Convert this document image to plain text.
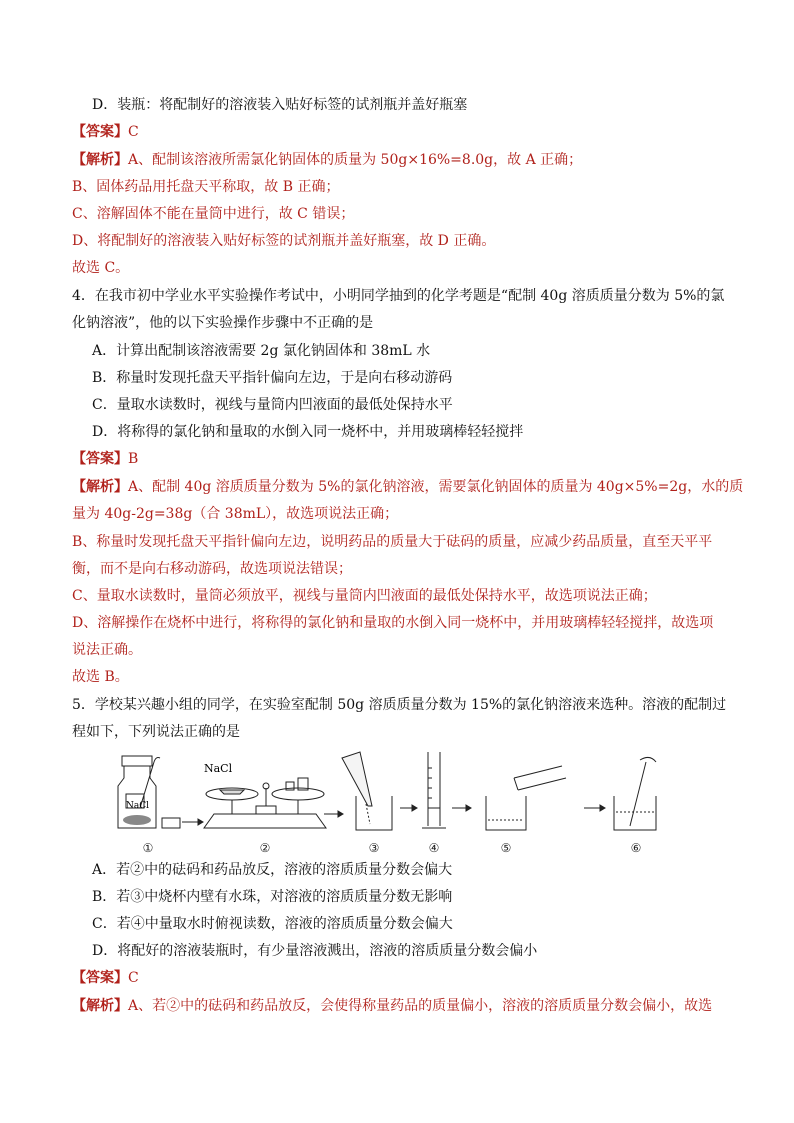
D．装瓶：将配制好的溶液装入贴好标签的试剂瓶并盖好瓶塞
【答案】C
【解析】A、配制该溶液所需氯化钠固体的质量为 50g×16%=8.0g，故 A 正确；
B、固体药品用托盘天平称取，故 B 正确；
C、溶解固体不能在量筒中进行，故 C 错误；
D、将配制好的溶液装入贴好标签的试剂瓶并盖好瓶塞，故 D 正确。
故选 C。
4．在我市初中学业水平实验操作考试中，小明同学抽到的化学考题是“配制 40g 溶质质量分数为 5%的氯
化钠溶液”，他的以下实验操作步骤中不正确的是
A．计算出配制该溶液需要 2g 氯化钠固体和 38mL 水
B．称量时发现托盘天平指针偏向左边，于是向右移动游码
C．量取水读数时，视线与量筒内凹液面的最低处保持水平
D．将称得的氯化钠和量取的水倒入同一烧杯中，并用玻璃棒轻轻搅拌
【答案】B
【解析】A、配制 40g 溶质质量分数为 5%的氯化钠溶液，需要氯化钠固体的质量为 40g×5%=2g，水的质
量为 40g-2g=38g（合 38mL），故选项说法正确；
B、称量时发现托盘天平指针偏向左边，说明药品的质量大于砝码的质量，应减少药品质量，直至天平平
衡，而不是向右移动游码，故选项说法错误；
C、量取水读数时，量筒必须放平，视线与量筒内凹液面的最低处保持水平，故选项说法正确；
D、溶解操作在烧杯中进行，将称得的氯化钠和量取的水倒入同一烧杯中，并用玻璃棒轻轻搅拌，故选项
说法正确。
故选 B。
5．学校某兴趣小组的同学，在实验室配制 50g 溶质质量分数为 15%的氯化钠溶液来选种。溶液的配制过
程如下，下列说法正确的是
NaCl
NaCl
①	②	③	④	⑤	⑥
A．若②中的砝码和药品放反，溶液的溶质质量分数会偏大
B．若③中烧杯内壁有水珠，对溶液的溶质质量分数无影响
C．若④中量取水时俯视读数，溶液的溶质质量分数会偏大
D．将配好的溶液装瓶时，有少量溶液溅出，溶液的溶质质量分数会偏小
【答案】C
【解析】A、若②中的砝码和药品放反，会使得称量药品的质量偏小，溶液的溶质质量分数会偏小，故选
